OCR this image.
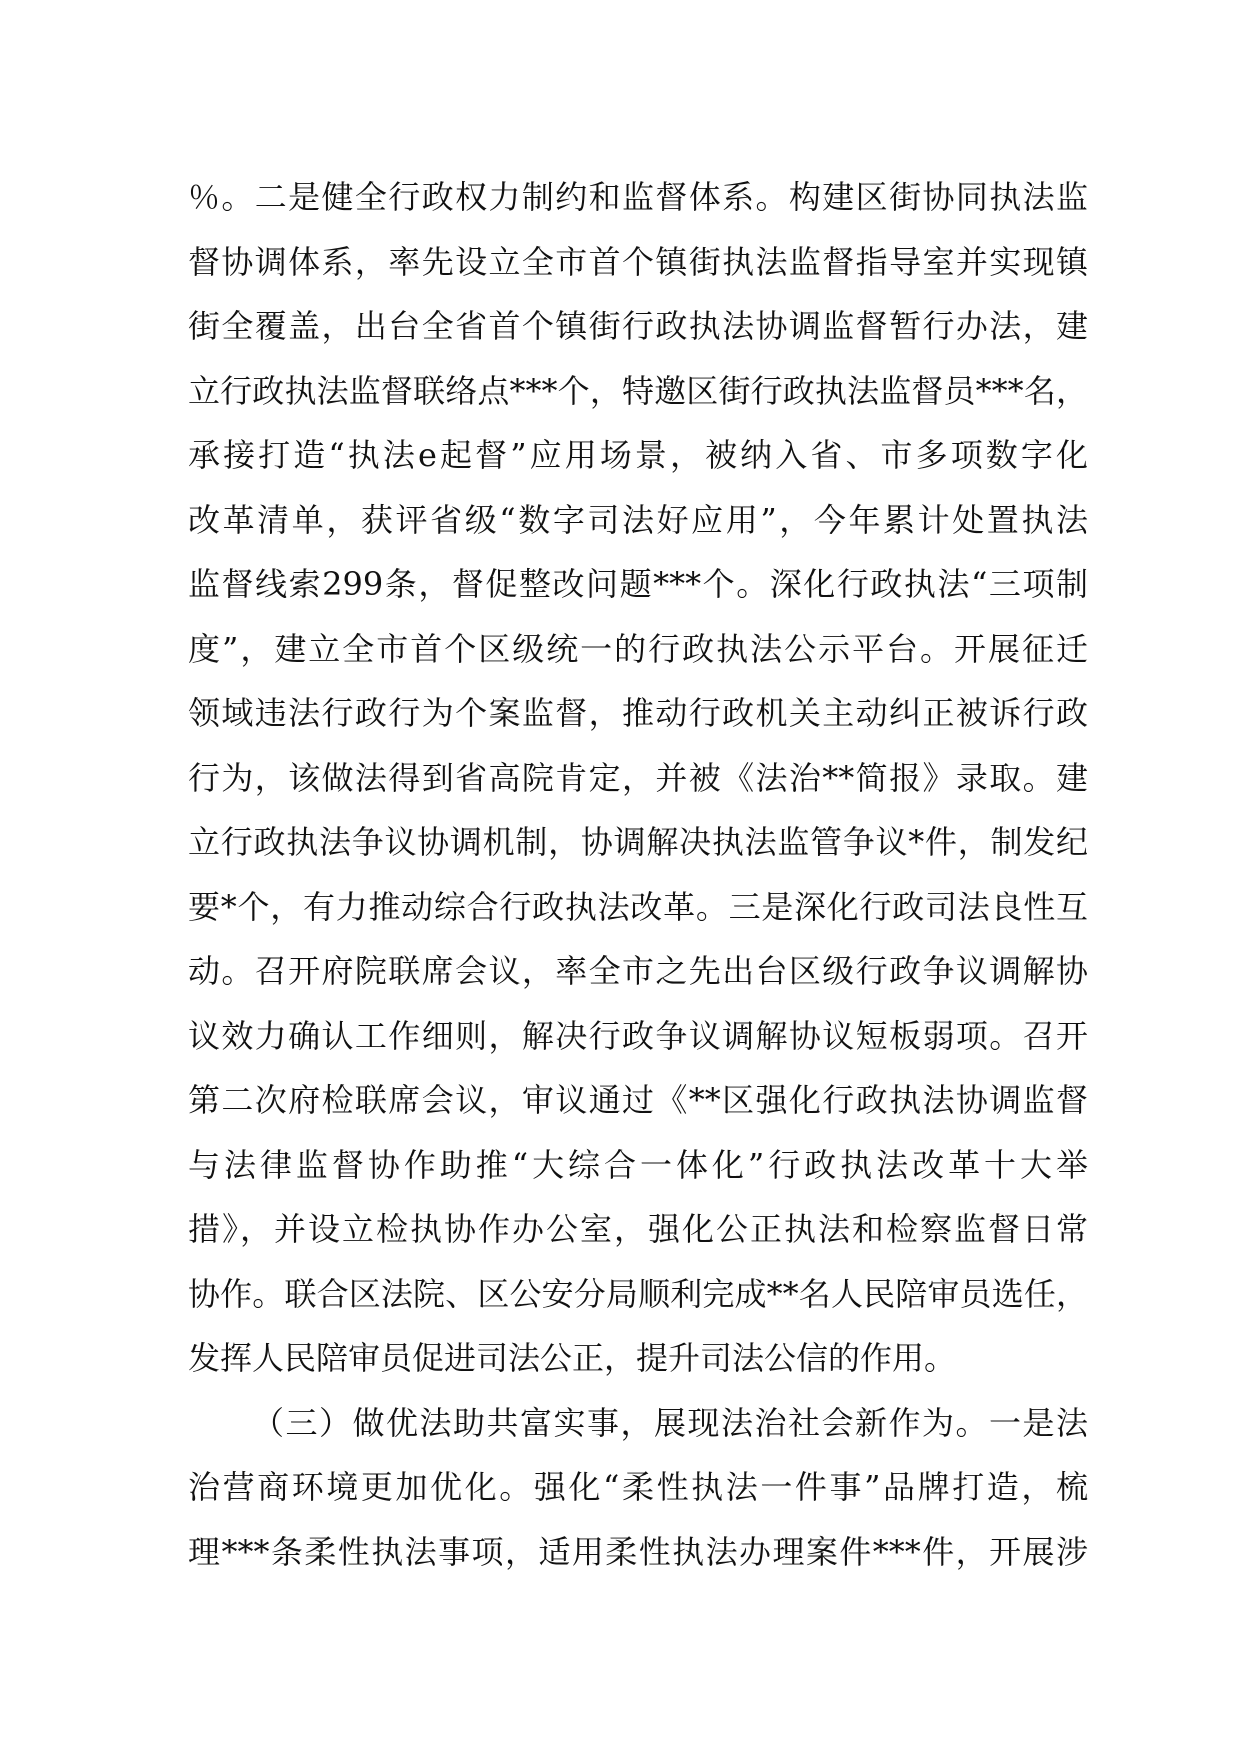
％。二是健全行政权力制约和监督体系。构建区街协同执法监
督协调体系，率先设立全市首个镇街执法监督指导室并实现镇
街全覆盖，出台全省首个镇街行政执法协调监督暂行办法，建
立行政执法监督联络点***个，特邀区街行政执法监督员***名，
承接打造“执法e起督”应用场景，被纳入省、市多项数字化
改革清单，获评省级“数字司法好应用”，今年累计处置执法
监督线索299条，督促整改问题***个。深化行政执法“三项制
度”，建立全市首个区级统一的行政执法公示平台。开展征迁
领域违法行政行为个案监督，推动行政机关主动纠正被诉行政
行为，该做法得到省高院肯定，并被《法治**简报》录取。建
立行政执法争议协调机制，协调解决执法监管争议*件，制发纪
要*个，有力推动综合行政执法改革。三是深化行政司法良性互
动。召开府院联席会议，率全市之先出台区级行政争议调解协
议效力确认工作细则，解决行政争议调解协议短板弱项。召开
第二次府检联席会议，审议通过《**区强化行政执法协调监督
与法律监督协作助推“大综合一体化”行政执法改革十大举
措》，并设立检执协作办公室，强化公正执法和检察监督日常
协作。联合区法院、区公安分局顺利完成**名人民陪审员选任，
发挥人民陪审员促进司法公正，提升司法公信的作用。
（三）做优法助共富实事，展现法治社会新作为。一是法
治营商环境更加优化。强化“柔性执法一件事”品牌打造，梳
理***条柔性执法事项，适用柔性执法办理案件***件，开展涉
